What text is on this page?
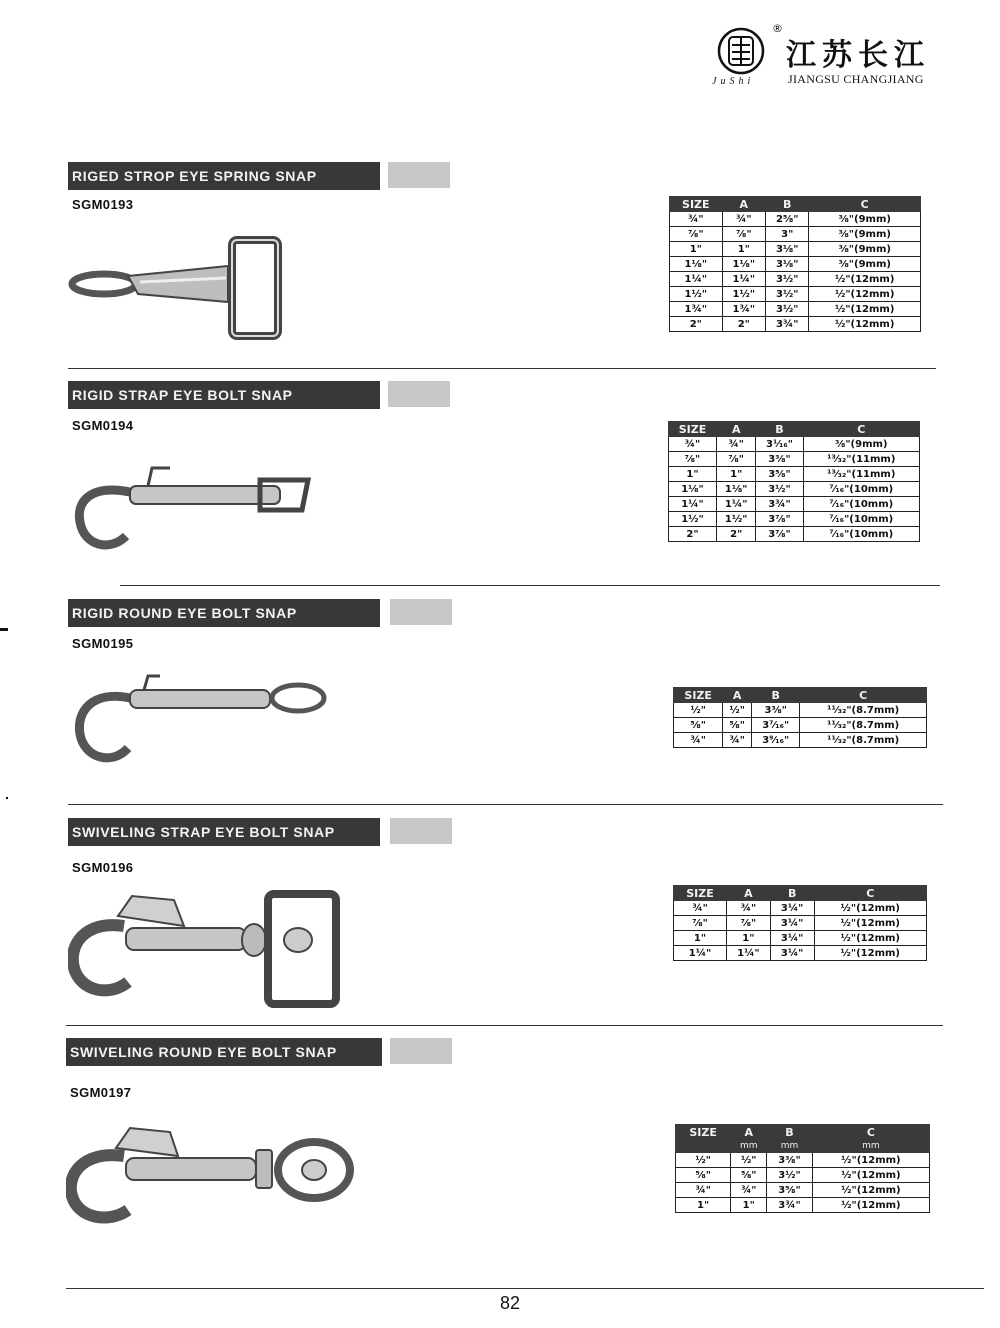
®
江苏长江
JIANGSU CHANGJIANG
JuShi
RIGED STROP EYE SPRING SNAP
SGM0193	SIZE	A	B	C
¾"	¾"	2⅝"	⅜"(9mm)
⅞"	⅞"	3"	⅜"(9mm)
1"	1"	3⅛"	⅜"(9mm)
1⅛"	1⅛"	3⅛"	⅜"(9mm)
1¼"	1¼"	3½"	½"(12mm)
1½"	1½"	3½"	½"(12mm)
1¾"	1¾"	3½"	½"(12mm)
2"	2"	3¾"	½"(12mm)
RIGID STRAP EYE BOLT SNAP
SGM0194	SIZE	A	B	C
¾"	¾"	3¹⁄₁₆"	⅜"(9mm)
⅞"	⅞"	3⅜"	¹³⁄₃₂"(11mm)
1"	1"	3⅝"	¹³⁄₃₂"(11mm)
1⅛"	1⅛"	3½"	⁷⁄₁₆"(10mm)
1¼"	1¼"	3¾"	⁷⁄₁₆"(10mm)
1½"	1½"	3⅞"	⁷⁄₁₆"(10mm)
2"	2"	3⅞"	⁷⁄₁₆"(10mm)
RIGID ROUND EYE BOLT SNAP
SGM0195
SIZE	A	B	C
½"	½"	3⅜"	¹¹⁄₃₂"(8.7mm)
⅝"	⅝"	3⁷⁄₁₆"	¹¹⁄₃₂"(8.7mm)
¾"	¾"	3⁹⁄₁₆"	¹¹⁄₃₂"(8.7mm)
SWIVELING STRAP EYE BOLT SNAP
SGM0196
SIZE	A	B	C
¾"	¾"	3¼"	½"(12mm)
⅞"	⅞"	3¼"	½"(12mm)
1"	1"	3¼"	½"(12mm)
1¼"	1¼"	3¼"	½"(12mm)
SWIVELING ROUND EYE BOLT SNAP
SGM0197
SIZE	A	B	C
	mm	mm	mm
½"	½"	3⅜"	½"(12mm)
⅝"	⅝"	3½"	½"(12mm)
¾"	¾"	3⅝"	½"(12mm)
1"	1"	3¾"	½"(12mm)
82
